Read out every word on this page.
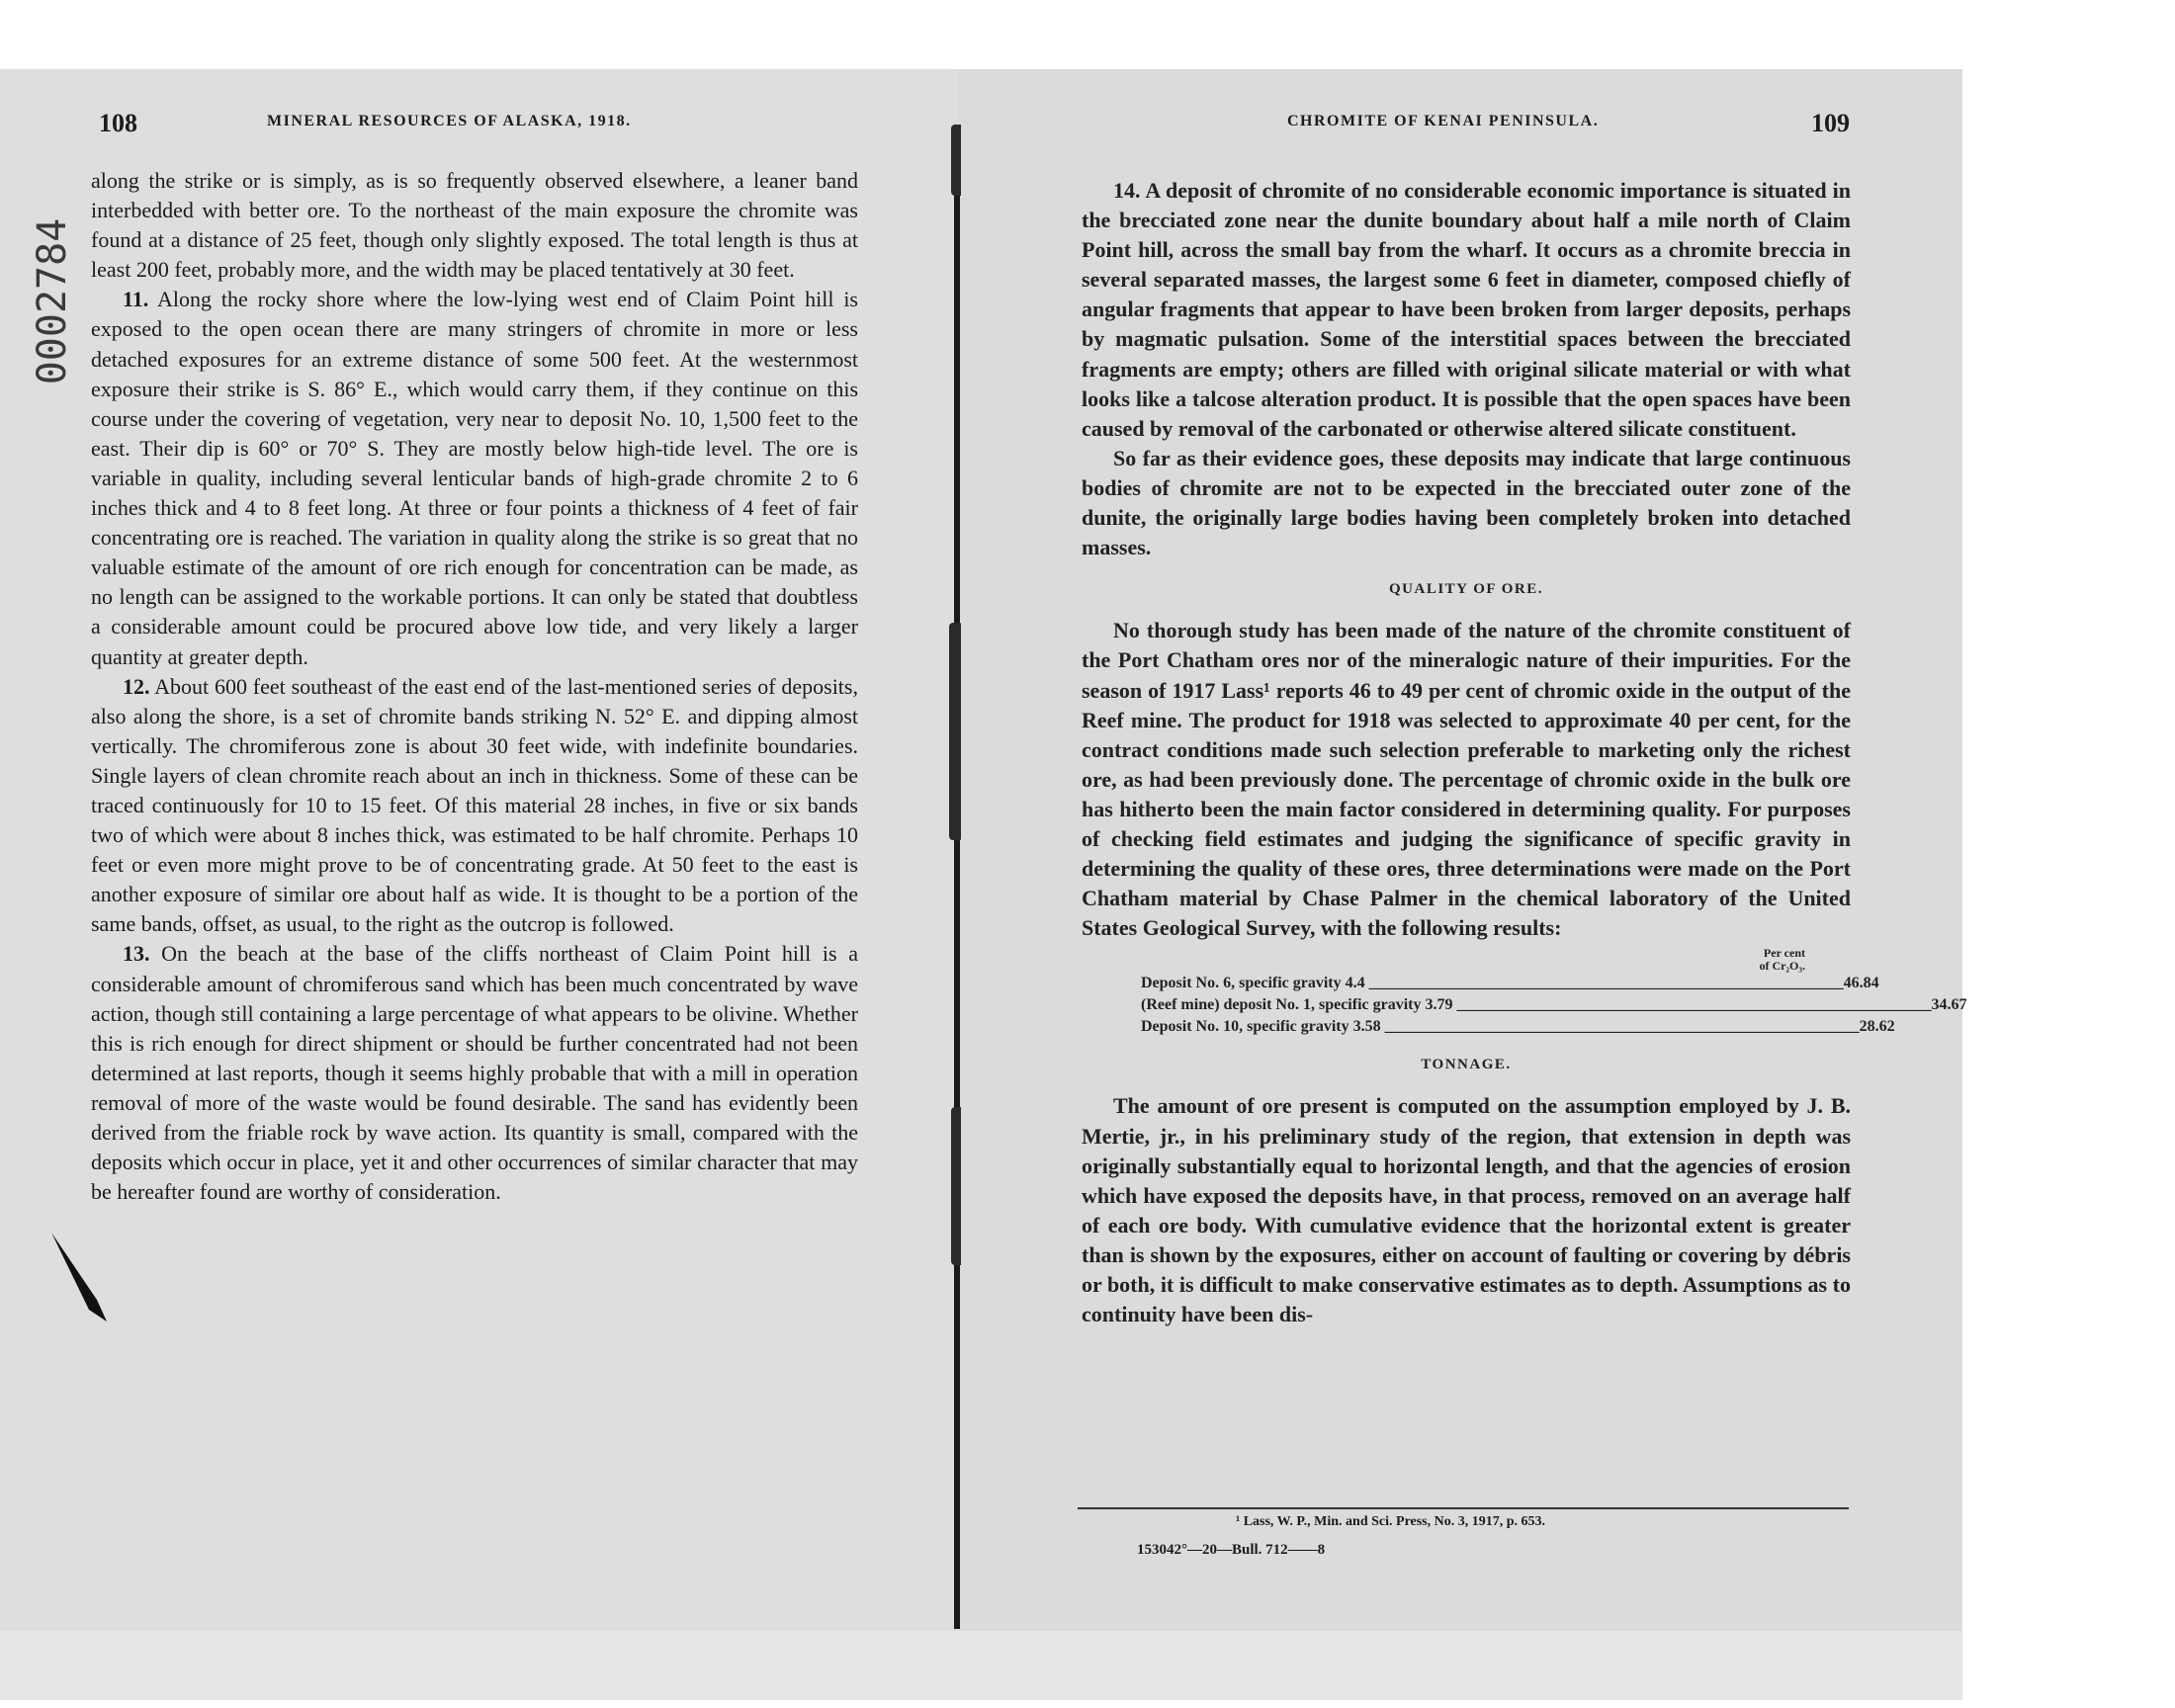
108	MINERAL RESOURCES OF ALASKA, 1918.
0002784

along the strike or is simply, as is so frequently observed elsewhere, a leaner band interbedded with better ore. To the northeast of the main exposure the chromite was found at a distance of 25 feet, though only slightly exposed. The total length is thus at least 200 feet, probably more, and the width may be placed tentatively at 30 feet.

11. Along the rocky shore where the low-lying west end of Claim Point hill is exposed to the open ocean there are many stringers of chromite in more or less detached exposures for an extreme distance of some 500 feet. At the westernmost exposure their strike is S. 86° E., which would carry them, if they continue on this course under the covering of vegetation, very near to deposit No. 10, 1,500 feet to the east. Their dip is 60° or 70° S. They are mostly below high-tide level. The ore is variable in quality, including several lenticular bands of high-grade chromite 2 to 6 inches thick and 4 to 8 feet long. At three or four points a thickness of 4 feet of fair concentrating ore is reached. The variation in quality along the strike is so great that no valuable estimate of the amount of ore rich enough for concentration can be made, as no length can be assigned to the workable portions. It can only be stated that doubtless a considerable amount could be procured above low tide, and very likely a larger quantity at greater depth.

12. About 600 feet southeast of the east end of the last-mentioned series of deposits, also along the shore, is a set of chromite bands striking N. 52° E. and dipping almost vertically. The chromiferous zone is about 30 feet wide, with indefinite boundaries. Single layers of clean chromite reach about an inch in thickness. Some of these can be traced continuously for 10 to 15 feet. Of this material 28 inches, in five or six bands two of which were about 8 inches thick, was estimated to be half chromite. Perhaps 10 feet or even more might prove to be of concentrating grade. At 50 feet to the east is another exposure of similar ore about half as wide. It is thought to be a portion of the same bands, offset, as usual, to the right as the outcrop is followed.

13. On the beach at the base of the cliffs northeast of Claim Point hill is a considerable amount of chromiferous sand which has been much concentrated by wave action, though still containing a large percentage of what appears to be olivine. Whether this is rich enough for direct shipment or should be further concentrated had not been determined at last reports, though it seems highly probable that with a mill in operation removal of more of the waste would be found desirable. The sand has evidently been derived from the friable rock by wave action. Its quantity is small, compared with the deposits which occur in place, yet it and other occurrences of similar character that may be hereafter found are worthy of consideration.

CHROMITE OF KENAI PENINSULA.	109

14. A deposit of chromite of no considerable economic importance is situated in the brecciated zone near the dunite boundary about half a mile north of Claim Point hill, across the small bay from the wharf. It occurs as a chromite breccia in several separated masses, the largest some 6 feet in diameter, composed chiefly of angular fragments that appear to have been broken from larger deposits, perhaps by magmatic pulsation. Some of the interstitial spaces between the brecciated fragments are empty; others are filled with original silicate material or with what looks like a talcose alteration product. It is possible that the open spaces have been caused by removal of the carbonated or otherwise altered silicate constituent.

So far as their evidence goes, these deposits may indicate that large continuous bodies of chromite are not to be expected in the brecciated outer zone of the dunite, the originally large bodies having been completely broken into detached masses.

QUALITY OF ORE.

No thorough study has been made of the nature of the chromite constituent of the Port Chatham ores nor of the mineralogic nature of their impurities. For the season of 1917 Lass¹ reports 46 to 49 per cent of chromic oxide in the output of the Reef mine. The product for 1918 was selected to approximate 40 per cent, for the contract conditions made such selection preferable to marketing only the richest ore, as had been previously done. The percentage of chromic oxide in the bulk ore has hitherto been the main factor considered in determining quality. For purposes of checking field estimates and judging the significance of specific gravity in determining the quality of these ores, three determinations were made on the Port Chatham material by Chase Palmer in the chemical laboratory of the United States Geological Survey, with the following results:

Per cent
of Cr₂O₃.
Deposit No. 6, specific gravity 4.4 _____	46.84
(Reef mine) deposit No. 1, specific gravity 3.79 _____	34.67
Deposit No. 10, specific gravity 3.58 _____	28.62

TONNAGE.

The amount of ore present is computed on the assumption employed by J. B. Mertie, jr., in his preliminary study of the region, that extension in depth was originally substantially equal to horizontal length, and that the agencies of erosion which have exposed the deposits have, in that process, removed on an average half of each ore body. With cumulative evidence that the horizontal extent is greater than is shown by the exposures, either on account of faulting or covering by débris or both, it is difficult to make conservative estimates as to depth. Assumptions as to continuity have been dis-

¹ Lass, W. P., Min. and Sci. Press, No. 3, 1917, p. 653.
153042°—20—Bull. 712——8
